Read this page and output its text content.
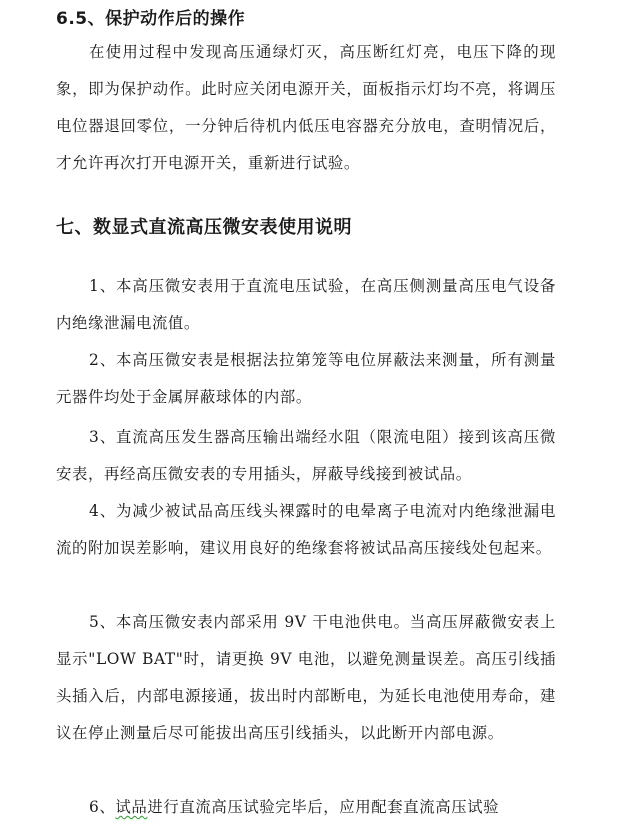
6.5、保护动作后的操作

在使用过程中发现高压通绿灯灭，高压断红灯亮，电压下降的现象，即为保护动作。此时应关闭电源开关，面板指示灯均不亮，将调压电位器退回零位，一分钟后待机内低压电容器充分放电，查明情况后，才允许再次打开电源开关，重新进行试验。

七、数显式直流高压微安表使用说明

1、本高压微安表用于直流电压试验，在高压侧测量高压电气设备内绝缘泄漏电流值。

2、本高压微安表是根据法拉第笼等电位屏蔽法来测量，所有测量元器件均处于金属屏蔽球体的内部。

3、直流高压发生器高压输出端经水阻（限流电阻）接到该高压微安表，再经高压微安表的专用插头，屏蔽导线接到被试品。

4、为减少被试品高压线头裸露时的电晕离子电流对内绝缘泄漏电流的附加误差影响，建议用良好的绝缘套将被试品高压接线处包起来。

5、本高压微安表内部采用 9V 干电池供电。当高压屏蔽微安表上显示"LOW BAT"时，请更换 9V 电池，以避免测量误差。高压引线插头插入后，内部电源接通，拔出时内部断电，为延长电池使用寿命，建议在停止测量后尽可能拔出高压引线插头，以此断开内部电源。

6、试品进行直流高压试验完毕后，应用配套直流高压试验
